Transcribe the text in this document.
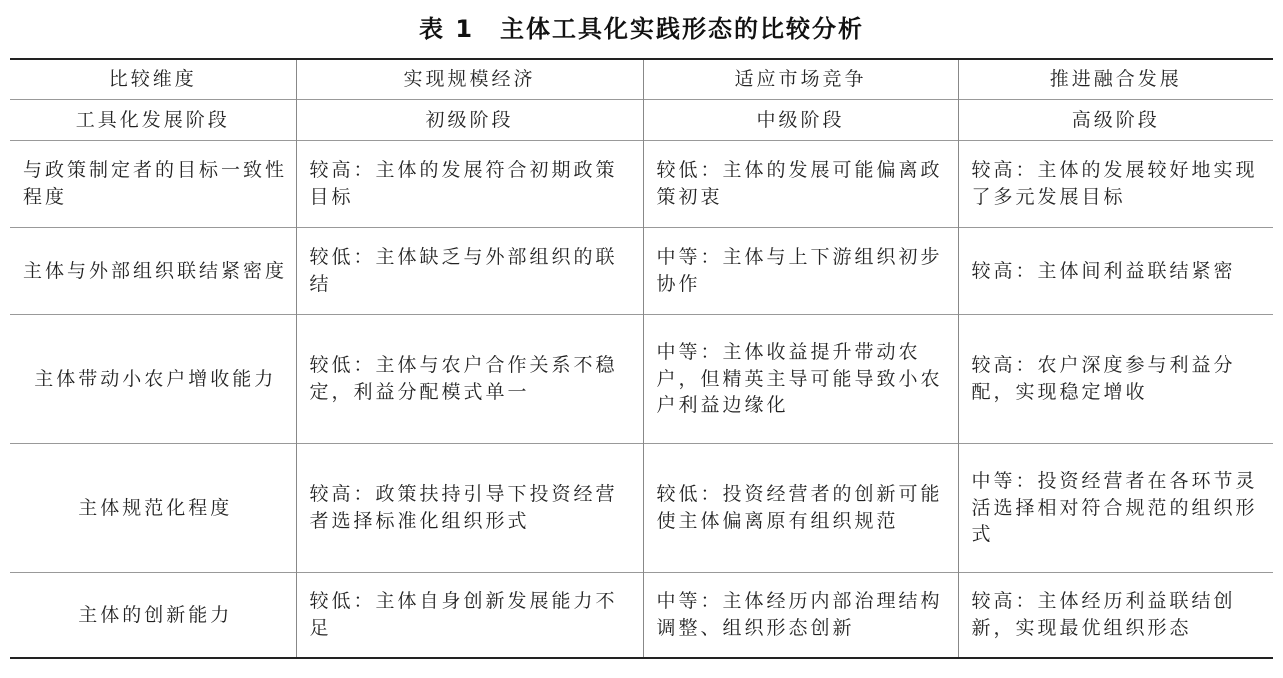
表 1　主体工具化实践形态的比较分析
比较维度	实现规模经济	适应市场竞争	推进融合发展
工具化发展阶段	初级阶段	中级阶段	高级阶段
与政策制定者的目标一致性程度	较高：主体的发展符合初期政策目标	较低：主体的发展可能偏离政策初衷	较高：主体的发展较好地实现了多元发展目标
主体与外部组织联结紧密度	较低：主体缺乏与外部组织的联结	中等：主体与上下游组织初步协作	较高：主体间利益联结紧密
主体带动小农户增收能力	较低：主体与农户合作关系不稳定，利益分配模式单一	中等：主体收益提升带动农户，但精英主导可能导致小农户利益边缘化	较高：农户深度参与利益分配，实现稳定增收
主体规范化程度	较高：政策扶持引导下投资经营者选择标准化组织形式	较低：投资经营者的创新可能使主体偏离原有组织规范	中等：投资经营者在各环节灵活选择相对符合规范的组织形式
主体的创新能力	较低：主体自身创新发展能力不足	中等：主体经历内部治理结构调整、组织形态创新	较高：主体经历利益联结创新，实现最优组织形态
